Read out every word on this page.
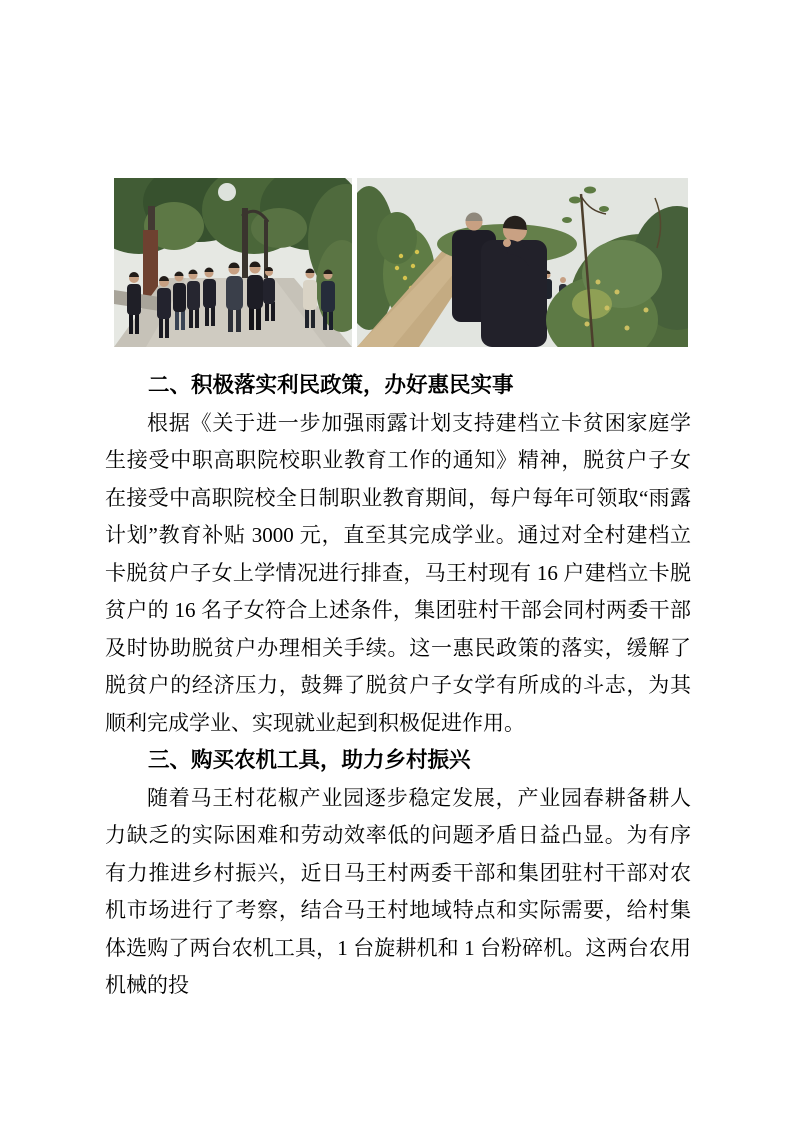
二、积极落实利民政策，办好惠民实事

根据《关于进一步加强雨露计划支持建档立卡贫困家庭学生接受中职高职院校职业教育工作的通知》精神，脱贫户子女在接受中高职院校全日制职业教育期间，每户每年可领取“雨露计划”教育补贴 3000 元，直至其完成学业。通过对全村建档立卡脱贫户子女上学情况进行排查，马王村现有 16 户建档立卡脱贫户的 16 名子女符合上述条件，集团驻村干部会同村两委干部及时协助脱贫户办理相关手续。这一惠民政策的落实，缓解了脱贫户的经济压力，鼓舞了脱贫户子女学有所成的斗志，为其顺利完成学业、实现就业起到积极促进作用。

三、购买农机工具，助力乡村振兴

随着马王村花椒产业园逐步稳定发展，产业园春耕备耕人力缺乏的实际困难和劳动效率低的问题矛盾日益凸显。为有序有力推进乡村振兴，近日马王村两委干部和集团驻村干部对农机市场进行了考察，结合马王村地域特点和实际需要，给村集体选购了两台农机工具，1 台旋耕机和 1 台粉碎机。这两台农用机械的投
